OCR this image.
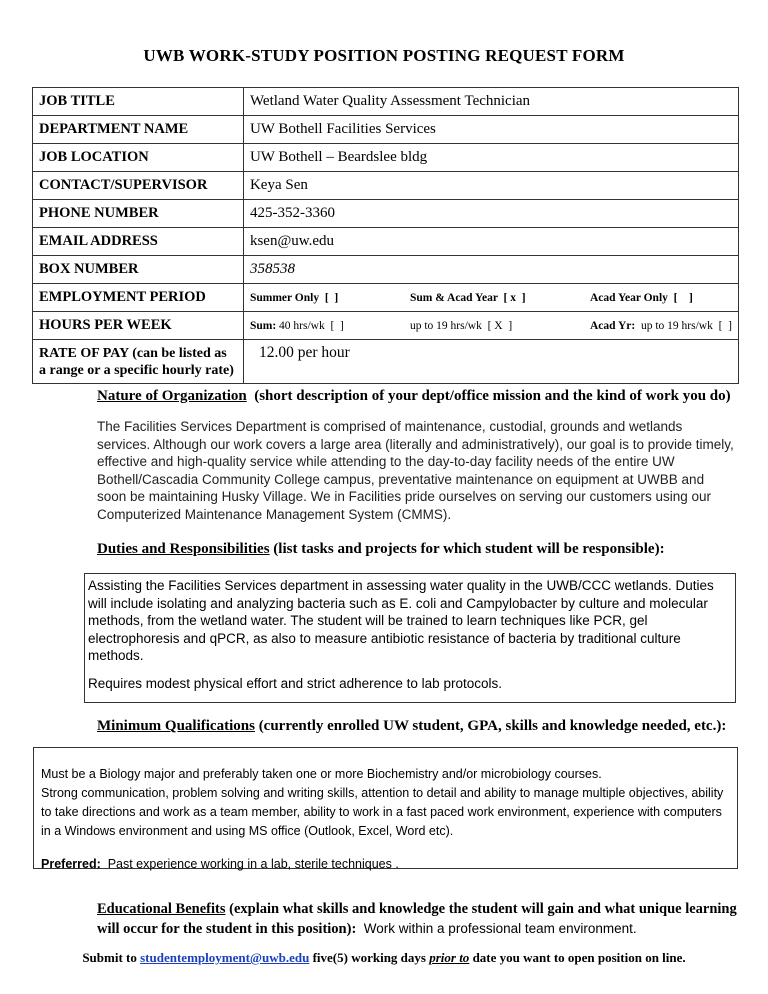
UWB WORK-STUDY POSITION POSTING REQUEST FORM
JOB TITLE	Wetland Water Quality Assessment Technician
DEPARTMENT NAME	UW Bothell Facilities Services
JOB LOCATION	UW Bothell – Beardslee bldg
CONTACT/SUPERVISOR	Keya Sen
PHONE NUMBER	425-352-3360
EMAIL ADDRESS	ksen@uw.edu
BOX NUMBER	358538
EMPLOYMENT PERIOD	Summer Only  [  ] Sum & Acad Year  [ x  ] Acad Year Only  [    ]

HOURS PER WEEK	Sum: 40 hrs/wk  [  ] up to 19 hrs/wk  [ X  ] Acad Yr:  up to 19 hrs/wk  [  ]

RATE OF PAY (can be listed as a range or a specific hourly rate)	12.00 per hour
Nature of Organization  (short description of your dept/office mission and the kind of work you do)
The Facilities Services Department is comprised of maintenance, custodial, grounds and wetlands services. Although our work covers a large area (literally and administratively), our goal is to provide timely, effective and high-quality service while attending to the day-to-day facility needs of the entire UW Bothell/Cascadia Community College campus, preventative maintenance on equipment at UWBB and soon be maintaining Husky Village. We in Facilities pride ourselves on serving our customers using our Computerized Maintenance Management System (CMMS).
Duties and Responsibilities (list tasks and projects for which student will be responsible):

Assisting the Facilities Services department in assessing water quality in the UWB/CCC wetlands. Duties will include isolating and analyzing bacteria such as E. coli and Campylobacter by culture and molecular methods, from the wetland water. The student will be trained to learn techniques like PCR, gel electrophoresis and qPCR, as also to measure antibiotic resistance of bacteria by traditional culture methods.

Requires modest physical effort and strict adherence to lab protocols.

Minimum Qualifications (currently enrolled UW student, GPA, skills and knowledge needed, etc.):
Must be a Biology major and preferably taken one or more Biochemistry and/or microbiology courses.
Strong communication, problem solving and writing skills, attention to detail and ability to manage multiple objectives, ability to take directions and work as a team member, ability to work in a fast paced work environment, experience with computers in a Windows environment and using MS office (Outlook, Excel, Word etc).
Preferred:  Past experience working in a lab, sterile techniques .
Educational Benefits (explain what skills and knowledge the student will gain and what unique learning will occur for the student in this position):  Work within a professional team environment.
Submit to studentemployment@uwb.edu five(5) working days prior to date you want to open position on line.
